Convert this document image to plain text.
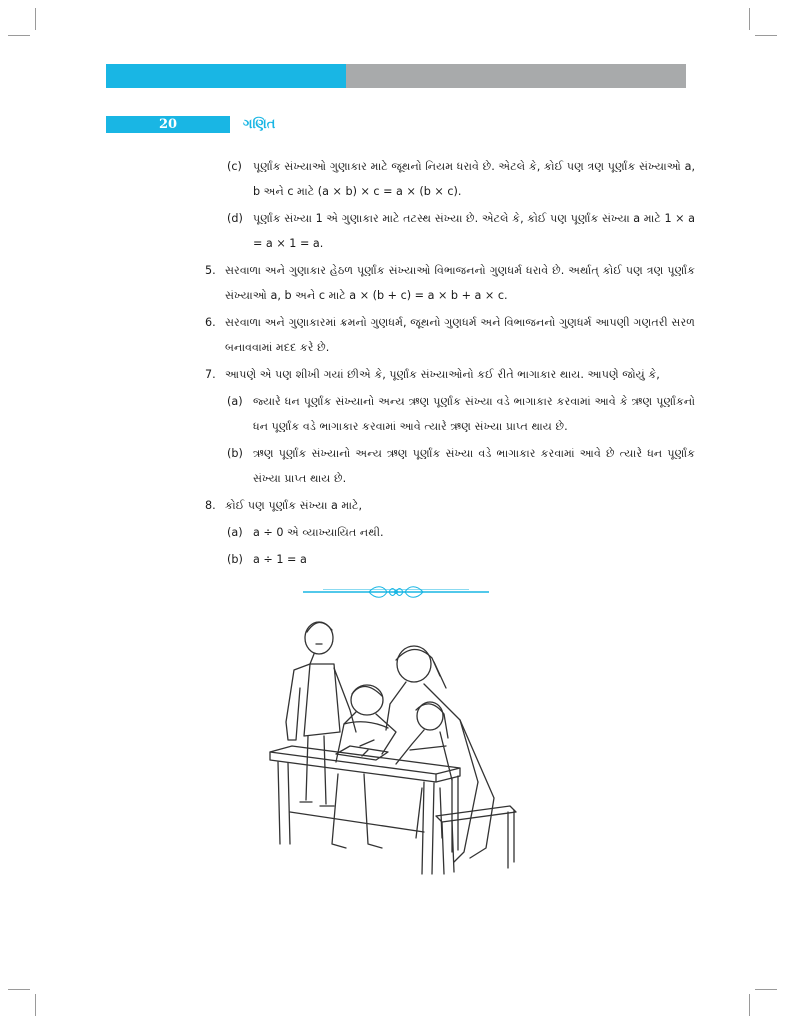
20	ગણિત
(c) પૂર્ણાંક સંખ્યાઓ ગુણાકાર માટે જૂથનો નિયમ ધરાવે છે. એટલે કે, કોઈ પણ ત્રણ પૂર્ણાંક સંખ્યાઓ a, b અને c માટે (a × b) × c = a × (b × c).
(d) પૂર્ણાંક સંખ્યા 1 એ ગુણાકાર માટે તટસ્થ સંખ્યા છે. એટલે કે, કોઈ પણ પૂર્ણાંક સંખ્યા a માટે 1 × a = a × 1 = a.
5. સરવાળા અને ગુણાકાર હેઠળ પૂર્ણાંક સંખ્યાઓ વિભાજનનો ગુણધર્મ ધરાવે છે. અર્થાત્ કોઈ પણ ત્રણ પૂર્ણાંક સંખ્યાઓ a, b અને c માટે a × (b + c) = a × b + a × c.
6. સરવાળા અને ગુણાકારમાં ક્રમનો ગુણધર્મ, જૂથનો ગુણધર્મ અને વિભાજનનો ગુણધર્મ આપણી ગણતરી સરળ બનાવવામાં મદદ કરે છે.
7. આપણે એ પણ શીખી ગયાં છીએ કે, પૂર્ણાંક સંખ્યાઓનો કઈ રીતે ભાગાકાર થાય. આપણે જોયું કે,
(a) જ્યારે ધન પૂર્ણાંક સંખ્યાનો અન્ય ઋણ પૂર્ણાંક સંખ્યા વડે ભાગાકાર કરવામાં આવે કે ઋણ પૂર્ણાંકનો ધન પૂર્ણાંક વડે ભાગાકાર કરવામાં આવે ત્યારે ઋણ સંખ્યા પ્રાપ્ત થાય છે.
(b) ઋણ પૂર્ણાંક સંખ્યાનો અન્ય ઋણ પૂર્ણાંક સંખ્યા વડે ભાગાકાર કરવામાં આવે છે ત્યારે ધન પૂર્ણાંક સંખ્યા પ્રાપ્ત થાય છે.
8. કોઈ પણ પૂર્ણાંક સંખ્યા a માટે,
(a) a ÷ 0 એ વ્યાખ્યાયિત નથી.
(b) a ÷ 1 = a
